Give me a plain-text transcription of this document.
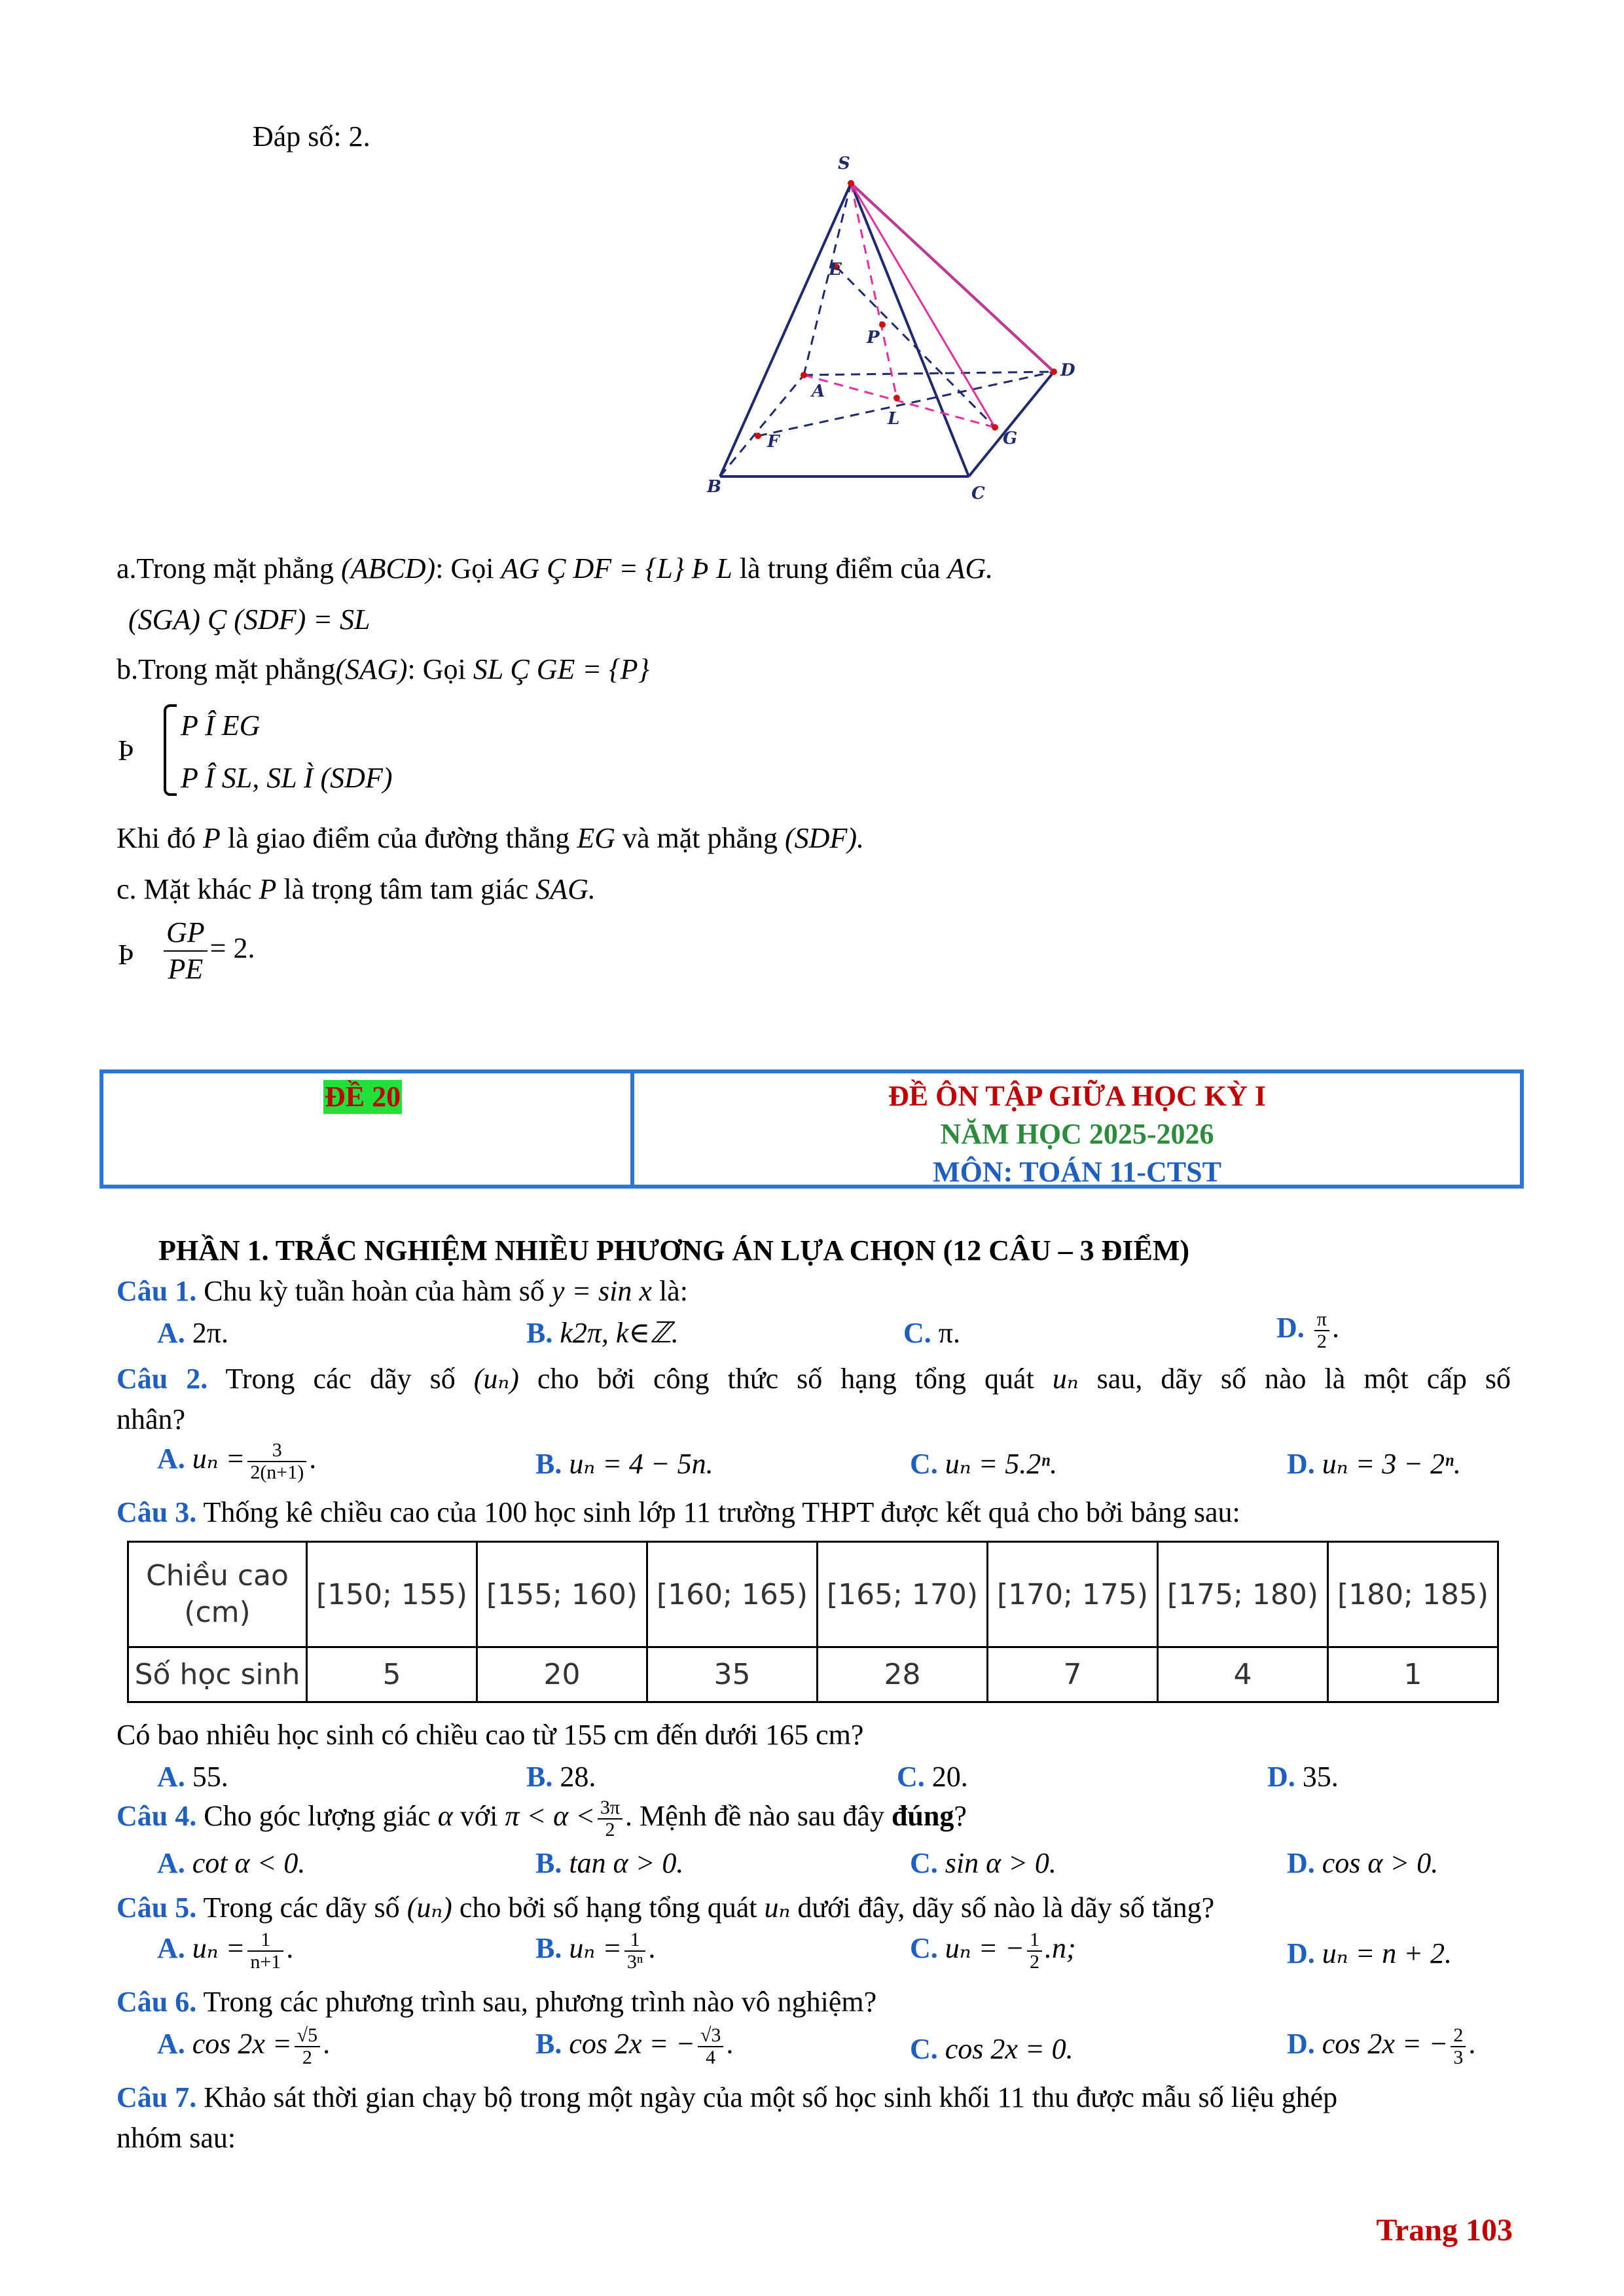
Đáp số: 2.
S
E
P
A
D
L
G
F
B	C
a.Trong mặt phẳng (ABCD): Gọi AG Ç DF = {L} Þ L là trung điểm của AG.
(SGA) Ç (SDF) = SL
b.Trong mặt phẳng(SAG): Gọi SL Ç GE = {P}
Þ
P Î EG
P Î SL, SL Ì (SDF)
Khi đó P là giao điểm của đường thẳng EG và mặt phẳng (SDF).
c. Mặt khác P là trọng tâm tam giác SAG.
Þ $\frac{GP}{PE} = 2$.
ĐỀ 20	ĐỀ ÔN TẬP GIỮA HỌC KỲ I
NĂM HỌC 2025-2026
MÔN: TOÁN 11-CTST
PHẦN 1. TRẮC NGHIỆM NHIỀU PHƯƠNG ÁN LỰA CHỌN (12 CÂU – 3 ĐIỂM)
Câu 1. Chu kỳ tuần hoàn của hàm số y = sin x là:
A. 2π.	B. k2π, k∈ℤ.	C. π.	D. $\frac{\pi}{2}$ .
Câu 2. Trong các dãy số (uₙ) cho bởi công thức số hạng tổng quát uₙ sau, dãy số nào là một cấp số
nhân?
A. $u_n = \frac{3}{2(n+1)}$ .	B. uₙ = 4 − 5n.	C. uₙ = 5.2ⁿ.	D. uₙ = 3 − 2ⁿ.
Câu 3. Thống kê chiều cao của 100 học sinh lớp 11 trường THPT được kết quả cho bởi bảng sau:
Chiều cao (cm)	[150; 155)	[155; 160)	[160; 165)	[165; 170)	[170; 175)	[175; 180)	[180; 185)
Số học sinh	5	20	35	28	7	4	1
Có bao nhiêu học sinh có chiều cao từ 155 cm đến dưới 165 cm?
A. 55.	B. 28.	C. 20.	D. 35.
Câu 4. Cho góc lượng giác α với $\pi < \alpha < \frac{3\pi}{2}$ . Mệnh đề nào sau đây đúng?
A. cot α < 0.	B. tan α > 0.	C. sin α > 0.	D. cos α > 0.
Câu 5. Trong các dãy số (uₙ) cho bởi số hạng tổng quát uₙ dưới đây, dãy số nào là dãy số tăng?
A. $u_n = \frac{1}{n+1}$ .	B. $u_n = \frac{1}{\text{3ⁿ}}$ .	C. uₙ = − $\frac{1}{2} .n$;	D. uₙ = n + 2.
Câu 6. Trong các phương trình sau, phương trình nào vô nghiệm?
A. $\cos 2x = \frac{√5}{2}$ .	B. cos 2x = − $\frac{√3}{4}$ .	C. cos 2x = 0.	D. cos 2x = − $\frac{2}{3}$ .
Câu 7. Khảo sát thời gian chạy bộ trong một ngày của một số học sinh khối 11 thu được mẫu số liệu ghép
nhóm sau:
Trang 103
